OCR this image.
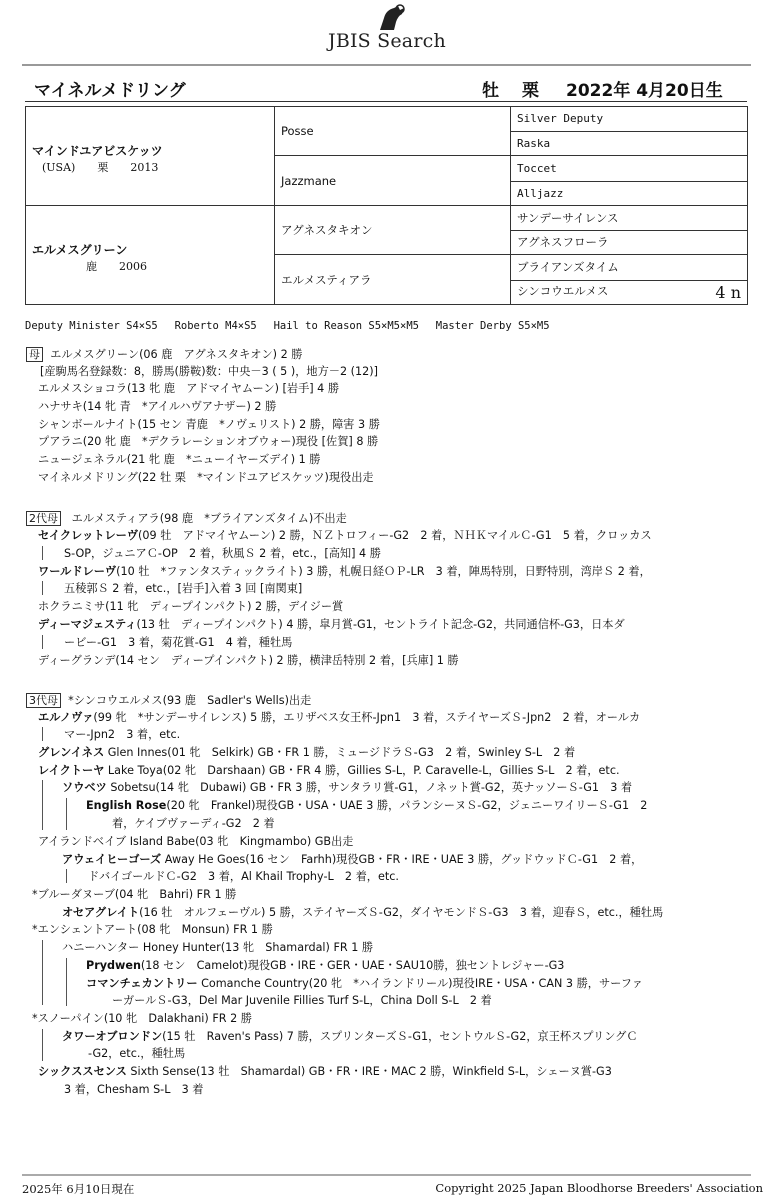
JBIS Search
マイネルメドリング	牡 栗 2022年 4月20日生
マインドユアビスケッツ
(USA)　　栗　　2013	Posse	Silver Deputy
		Raska
	Jazzmane	Toccet
		Alljazz

エルメスグリーン
　　　　鹿　　2006	アグネスタキオン	サンデーサイレンス
		アグネスフローラ
	エルメスティアラ	ブライアンズタイム
		シンコウエルメス 4 n
Deputy Minister S4×S5　 Roberto M4×S5　 Hail to Reason S5×M5×M5　 Master Derby S5×M5
母 エルメスグリーン(06 鹿　アグネスタキオン) 2 勝
[産駒馬名登録数：8，勝馬(勝鞍)数：中央－3 ( 5 )，地方－2 (12)]
エルメスショコラ(13 牝 鹿　アドマイヤムーン) [岩手] 4 勝
ハナサキ(14 牝 青　*アイルハヴアナザー) 2 勝
シャンボールナイト(15 セン 青鹿　*ノヴェリスト) 2 勝，障害 3 勝
プアラニ(20 牝 鹿　*デクラレーションオブウォー)現役 [佐賀] 8 勝
ニュージェネラル(21 牝 鹿　*ニューイヤーズデイ) 1 勝
マイネルメドリング(22 牡 栗　*マインドユアビスケッツ)現役出走
2代母 エルメスティアラ(98 鹿　*ブライアンズタイム)不出走
セイクレットレーヴ(09 牡　アドマイヤムーン) 2 勝，ＮＺトロフィー-G2　2 着，ＮＨＫマイルＣ-G1　5 着，クロッカス
S-OP，ジュニアＣ-OP　2 着，秋風Ｓ 2 着，etc.，[高知] 4 勝
ワールドレーヴ(10 牡　*ファンタスティックライト) 3 勝，札幌日経ＯＰ-LR　3 着，陣馬特別，日野特別，湾岸Ｓ 2 着，
五稜郭Ｓ 2 着，etc.，[岩手]入着 3 回 [南関東]
ホクラニミサ(11 牝　ディープインパクト) 2 勝，デイジー賞
ディーマジェスティ(13 牡　ディープインパクト) 4 勝，皐月賞-G1，セントライト記念-G2，共同通信杯-G3，日本ダ
ービー-G1　3 着，菊花賞-G1　4 着，種牡馬
ディーグランデ(14 セン　ディープインパクト) 2 勝，横津岳特別 2 着，[兵庫] 1 勝
3代母 *シンコウエルメス(93 鹿　Sadler's Wells)出走
エルノヴァ(99 牝　*サンデーサイレンス) 5 勝，エリザベス女王杯-Jpn1　3 着，ステイヤーズＳ-Jpn2　2 着，オールカ
マー-Jpn2　3 着，etc.
グレンイネス Glen Innes(01 牝　Selkirk) GB・FR 1 勝，ミュージドラＳ-G3　2 着，Swinley S-L　2 着
レイクトーヤ Lake Toya(02 牝　Darshaan) GB・FR 4 勝，Gillies S-L，P. Caravelle-L，Gillies S-L　2 着，etc.
ソウベツ Sobetsu(14 牝　Dubawi) GB・FR 3 勝，サンタラリ賞-G1，ノネット賞-G2，英ナッソーＳ-G1　3 着
English Rose(20 牝　Frankel)現役GB・USA・UAE 3 勝，パランシーヌＳ-G2，ジェニーワイリーＳ-G1　2
着，ケイブヴァーディ-G2　2 着
アイランドベイブ Island Babe(03 牝　Kingmambo) GB出走
アウェイヒーゴーズ Away He Goes(16 セン　Farhh)現役GB・FR・IRE・UAE 3 勝，グッドウッドＣ-G1　2 着，
ドバイゴールドＣ-G2　3 着，Al Khail Trophy-L　2 着，etc.
*ブルーダヌーブ(04 牝　Bahri) FR 1 勝
オセアグレイト(16 牡　オルフェーヴル) 5 勝，ステイヤーズＳ-G2，ダイヤモンドＳ-G3　3 着，迎春Ｓ，etc.，種牡馬
*エンシェントアート(08 牝　Monsun) FR 1 勝
ハニーハンター Honey Hunter(13 牝　Shamardal) FR 1 勝
Prydwen(18 セン　Camelot)現役GB・IRE・GER・UAE・SAU10勝，独セントレジャー-G3
コマンチェカントリー Comanche Country(20 牝　*ハイランドリール)現役IRE・USA・CAN 3 勝，サーファ
ーガールＳ-G3，Del Mar Juvenile Fillies Turf S-L，China Doll S-L　2 着
*スノーパイン(10 牝　Dalakhani) FR 2 勝
タワーオブロンドン(15 牡　Raven's Pass) 7 勝，スプリンターズＳ-G1，セントウルＳ-G2，京王杯スプリングＣ
-G2，etc.，種牡馬
シックススセンス Sixth Sense(13 牡　Shamardal) GB・FR・IRE・MAC 2 勝，Winkfield S-L，シェーヌ賞-G3
3 着，Chesham S-L　3 着
2025年 6月10日現在	Copyright 2025 Japan Bloodhorse Breeders' Association
